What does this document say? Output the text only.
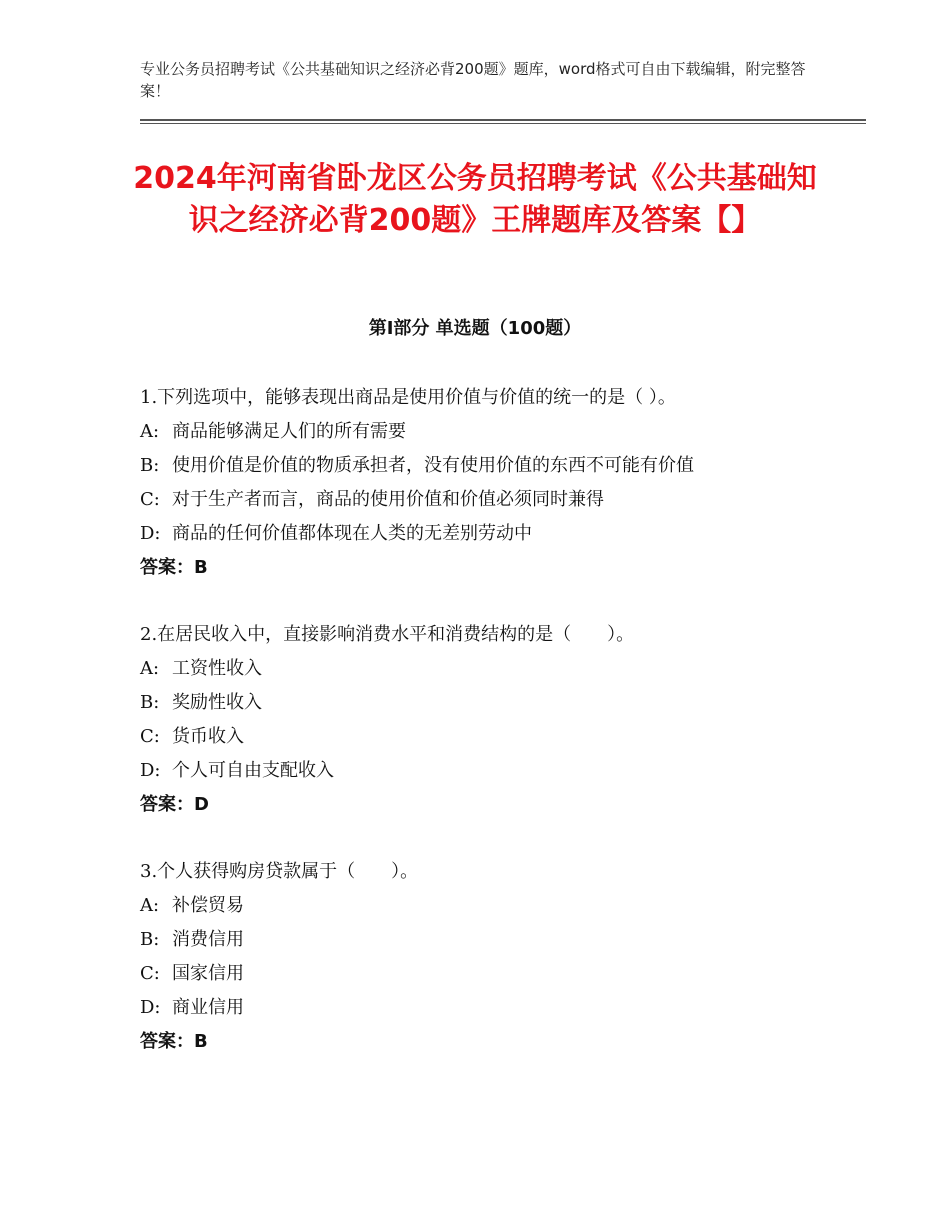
专业公务员招聘考试《公共基础知识之经济必背200题》题库，word格式可自由下载编辑，附完整答案！
2024年河南省卧龙区公务员招聘考试《公共基础知识之经济必背200题》王牌题库及答案【】
第I部分 单选题（100题）
1.下列选项中，能够表现出商品是使用价值与价值的统一的是（ ）。
A: 商品能够满足人们的所有需要
B: 使用价值是价值的物质承担者，没有使用价值的东西不可能有价值
C: 对于生产者而言，商品的使用价值和价值必须同时兼得
D: 商品的任何价值都体现在人类的无差别劳动中
答案：B
2.在居民收入中，直接影响消费水平和消费结构的是（　　）。
A: 工资性收入
B: 奖励性收入
C: 货币收入
D: 个人可自由支配收入
答案：D
3.个人获得购房贷款属于（　　）。
A: 补偿贸易
B: 消费信用
C: 国家信用
D: 商业信用
答案：B
